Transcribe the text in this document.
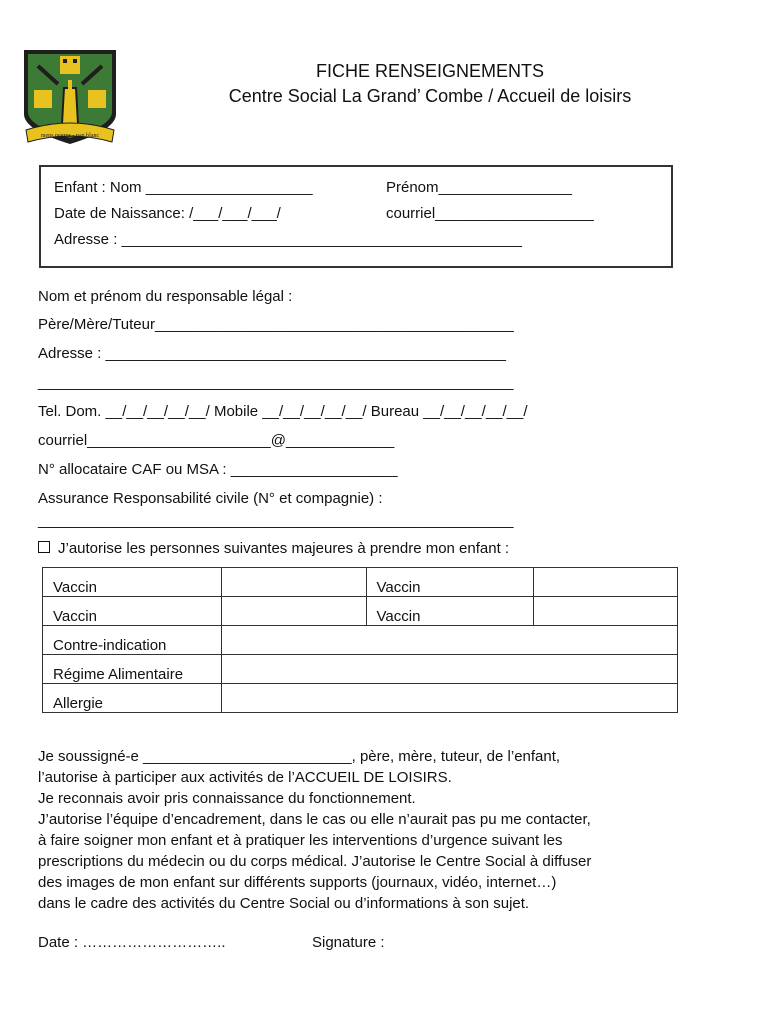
mens negros - pan blanc
FICHE RENSEIGNEMENTS
Centre Social La Grand’ Combe / Accueil de loisirs
Enfant : Nom ____________________	Prénom________________
Date de Naissance: /___/___/___/	courriel___________________
Adresse : ________________________________________________
Nom et prénom du responsable légal :
Père/Mère/Tuteur___________________________________________
Adresse : ________________________________________________
_________________________________________________________
Tel. Dom. __/__/__/__/__/ Mobile __/__/__/__/__/ Bureau __/__/__/__/__/
courriel______________________@_____________
N° allocataire CAF ou MSA : ____________________
Assurance Responsabilité civile (N° et compagnie) :
_________________________________________________________
J’autorise les personnes suivantes majeures à prendre mon enfant :
Vaccin		Vaccin	
Vaccin		Vaccin	
Contre-indication			
Régime Alimentaire			
Allergie			
Je soussigné-e _________________________, père, mère, tuteur, de l’enfant,
l’autorise à participer aux activités de l’ACCUEIL DE LOISIRS.
Je reconnais avoir pris connaissance du fonctionnement.
J’autorise l’équipe d’encadrement, dans le cas ou elle n’aurait pas pu me contacter,
à faire soigner mon enfant et à pratiquer les interventions d’urgence suivant les
prescriptions du médecin ou du corps médical. J’autorise le Centre Social à diffuser
des images de mon enfant sur différents supports (journaux, vidéo, internet…)
dans le cadre des activités du Centre Social ou d’informations à son sujet.
Date : ………………………..	Signature :
